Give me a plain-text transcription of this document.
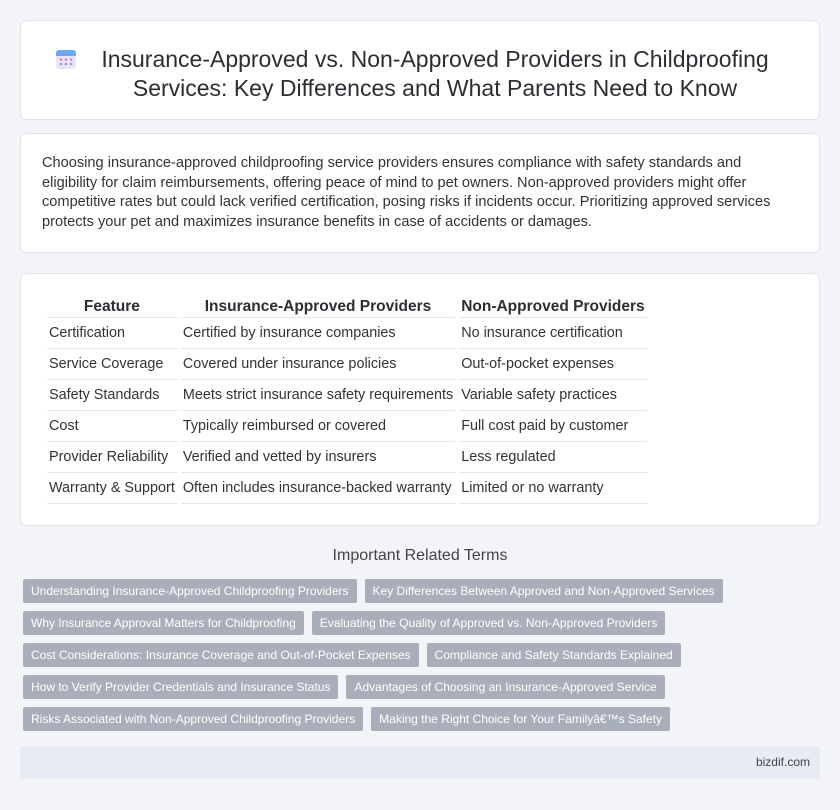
Insurance-Approved vs. Non-Approved Providers in Childproofing Services: Key Differences and What Parents Need to Know

Choosing insurance-approved childproofing service providers ensures compliance with safety standards and eligibility for claim reimbursements, offering peace of mind to pet owners. Non-approved providers might offer competitive rates but could lack verified certification, posing risks if incidents occur. Prioritizing approved services protects your pet and maximizes insurance benefits in case of accidents or damages.

Feature	Insurance-Approved Providers	Non-Approved Providers
Certification	Certified by insurance companies	No insurance certification
Service Coverage	Covered under insurance policies	Out-of-pocket expenses
Safety Standards	Meets strict insurance safety requirements	Variable safety practices
Cost	Typically reimbursed or covered	Full cost paid by customer
Provider Reliability	Verified and vetted by insurers	Less regulated
Warranty & Support	Often includes insurance-backed warranty	Limited or no warranty
Important Related Terms
Understanding Insurance-Approved Childproofing Providers	Key Differences Between Approved and Non-Approved Services
Why Insurance Approval Matters for Childproofing	Evaluating the Quality of Approved vs. Non-Approved Providers
Cost Considerations: Insurance Coverage and Out-of-Pocket Expenses	Compliance and Safety Standards Explained
How to Verify Provider Credentials and Insurance Status	Advantages of Choosing an Insurance-Approved Service
Risks Associated with Non-Approved Childproofing Providers	Making the Right Choice for Your Familyâ€™s Safety
bizdif.com
